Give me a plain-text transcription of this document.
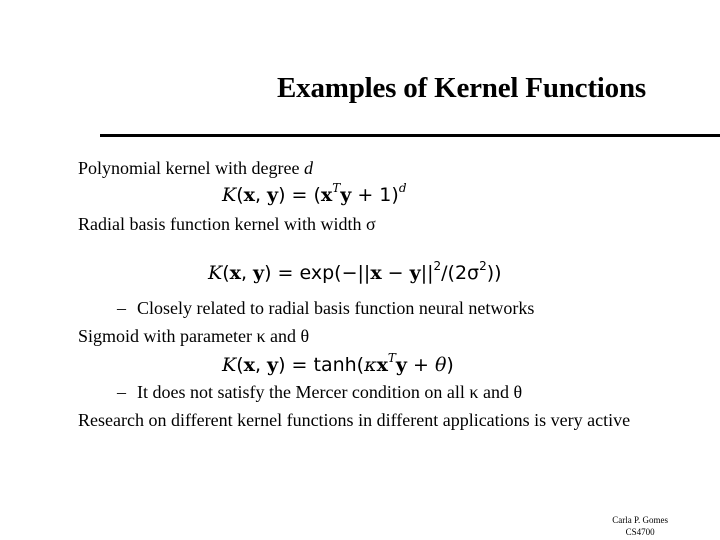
Examples of Kernel Functions
Polynomial kernel with degree d
K(x, $y) = (x^Ty + 1)^d$
Radial basis function kernel with width σ
K(x, $y) = \exp(-||x - y||^2/(2\sigma^2))$
– Closely related to radial basis function neural networks
Sigmoid with parameter κ and θ
K(x, $y) = \tanh(\kappa x^Ty + \theta)$
– It does not satisfy the Mercer condition on all κ and θ
Research on different kernel functions in different applications is very active
Carla P. Gomes
CS4700
